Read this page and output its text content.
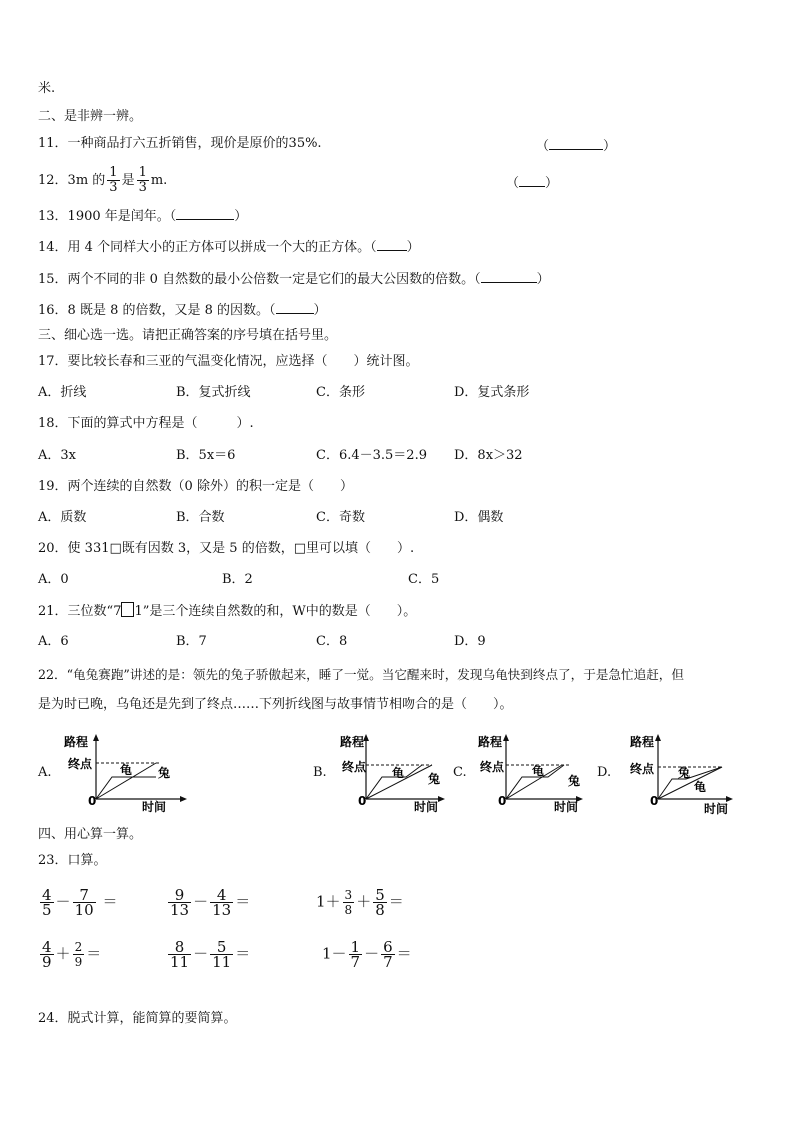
米.
二、是非辨一辨。
11．一种商品打六五折销售，现价是原价的35%.	（	）
12．3m 的 $\frac{1}{3}$ 是 $\frac{1}{3} m$.	（ ）
13．1900 年是闰年。（	）
14．用 4 个同样大小的正方体可以拼成一个大的正方体。（ ）
15．两个不同的非 0 自然数的最小公倍数一定是它们的最大公因数的倍数。（	）
16．8 既是 8 的倍数，又是 8 的因数。（	）
三、细心选一选。请把正确答案的序号填在括号里。
17．要比较长春和三亚的气温变化情况，应选择（　　）统计图。
A．折线	B．复式折线	C．条形	D．复式条形
18．下面的算式中方程是（　　　）.
A．3x	B．5x＝6	C．6.4－3.5＝2.9 D．8x＞32
19．两个连续的自然数（0 除外）的积一定是（　　）
A．质数	B．合数	C．奇数	D．偶数
20．使 331□既有因数 3，又是 5 的倍数，□里可以填（　　）.
A．0	B．2	C．5
21．三位数“7 1”是三个连续自然数的和，W中的数是（　　）。
A．6	B．7	C．8	D．9
22．“龟兔赛跑”讲述的是：领先的兔子骄傲起来，睡了一觉。当它醒来时，发现乌龟快到终点了，于是急忙追赶，但
是为时已晚，乌龟还是先到了终点……下列折线图与故事情节相吻合的是（　　）。
A.	B.	C.	D.
路程
终点
0	时间
龟 兔
路程
终点
0	时间
龟 兔
路程
终点
0	时间
龟
兔
路程
终点
0
时间
兔
龟
四、用心算一算。
23．口算。
$\frac{4}{5} - \frac{7}{10}$ ＝	$\frac{9}{13} - \frac{4}{13}$ ＝	$1+ \frac{3}{8} + \frac{5}{8}$ ＝
$\frac{4}{9} + \frac{2}{9}$ ＝	$\frac{8}{11} - \frac{5}{11}$ ＝	$1- \frac{1}{7} - \frac{6}{7}$ ＝
24．脱式计算，能简算的要简算。
